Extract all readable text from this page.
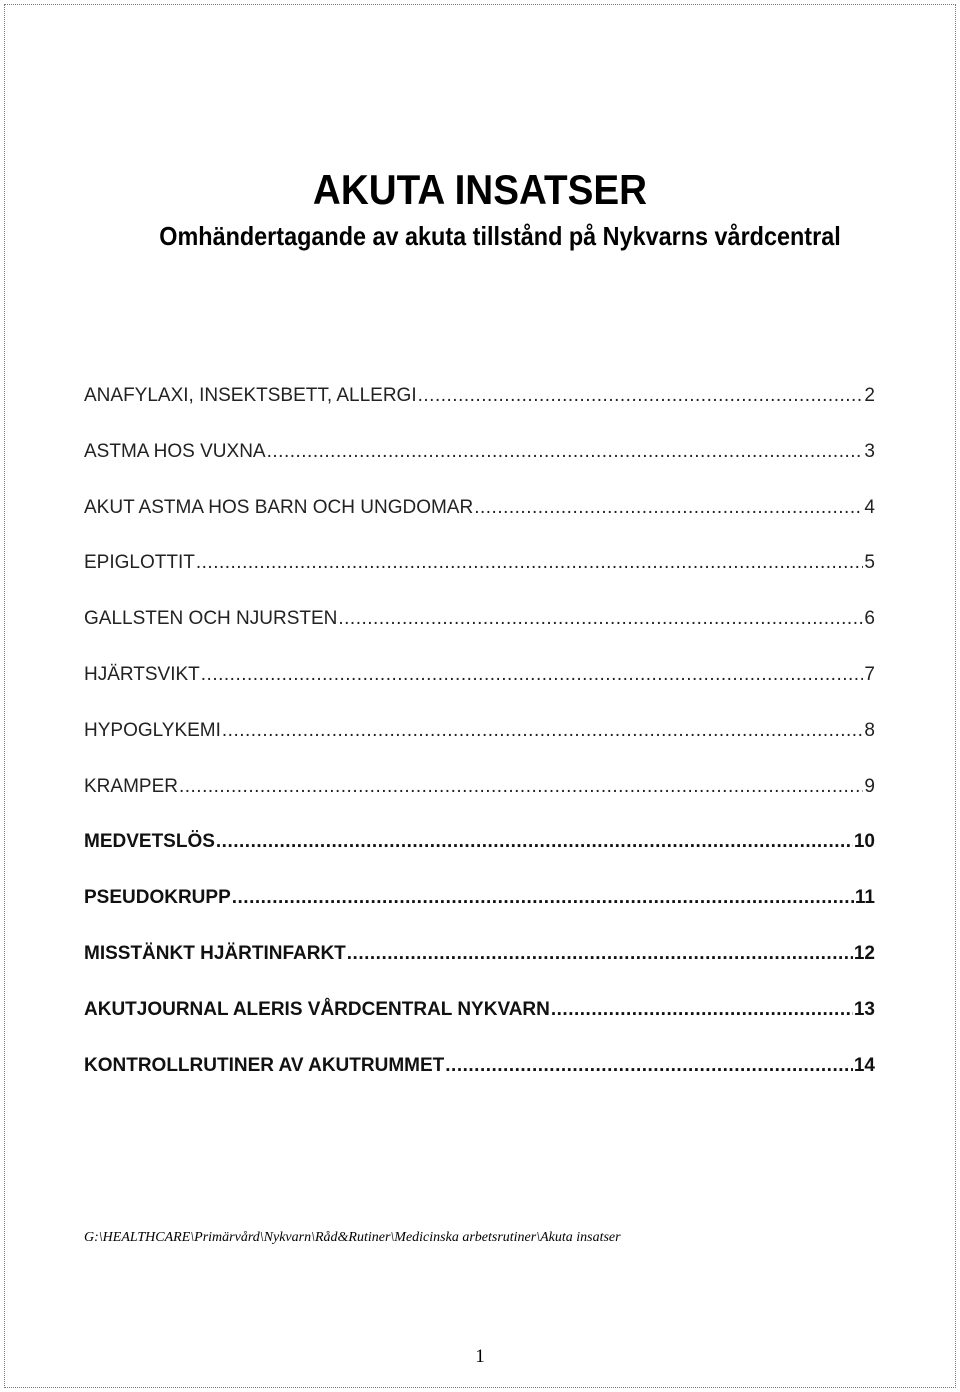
AKUTA INSATSER
Omhändertagande av akuta tillstånd på Nykvarns vårdcentral
ANAFYLAXI, INSEKTSBETT, ALLERGI .....	2
ASTMA HOS VUXNA .....	3
AKUT ASTMA HOS BARN OCH UNGDOMAR .....	4
EPIGLOTTIT .....	5
GALLSTEN OCH NJURSTEN .....	6
HJÄRTSVIKT .....	7
HYPOGLYKEMI .....	8
KRAMPER .....	9
MEDVETSLÖS .....	10
PSEUDOKRUPP .....	11
MISSTÄNKT HJÄRTINFARKT .....	12
AKUTJOURNAL ALERIS VÅRDCENTRAL NYKVARN .....	13
KONTROLLRUTINER AV AKUTRUMMET .....	14
G:\HEALTHCARE\Primärvård\Nykvarn\Råd&Rutiner\Medicinska arbetsrutiner\Akuta insatser
1
